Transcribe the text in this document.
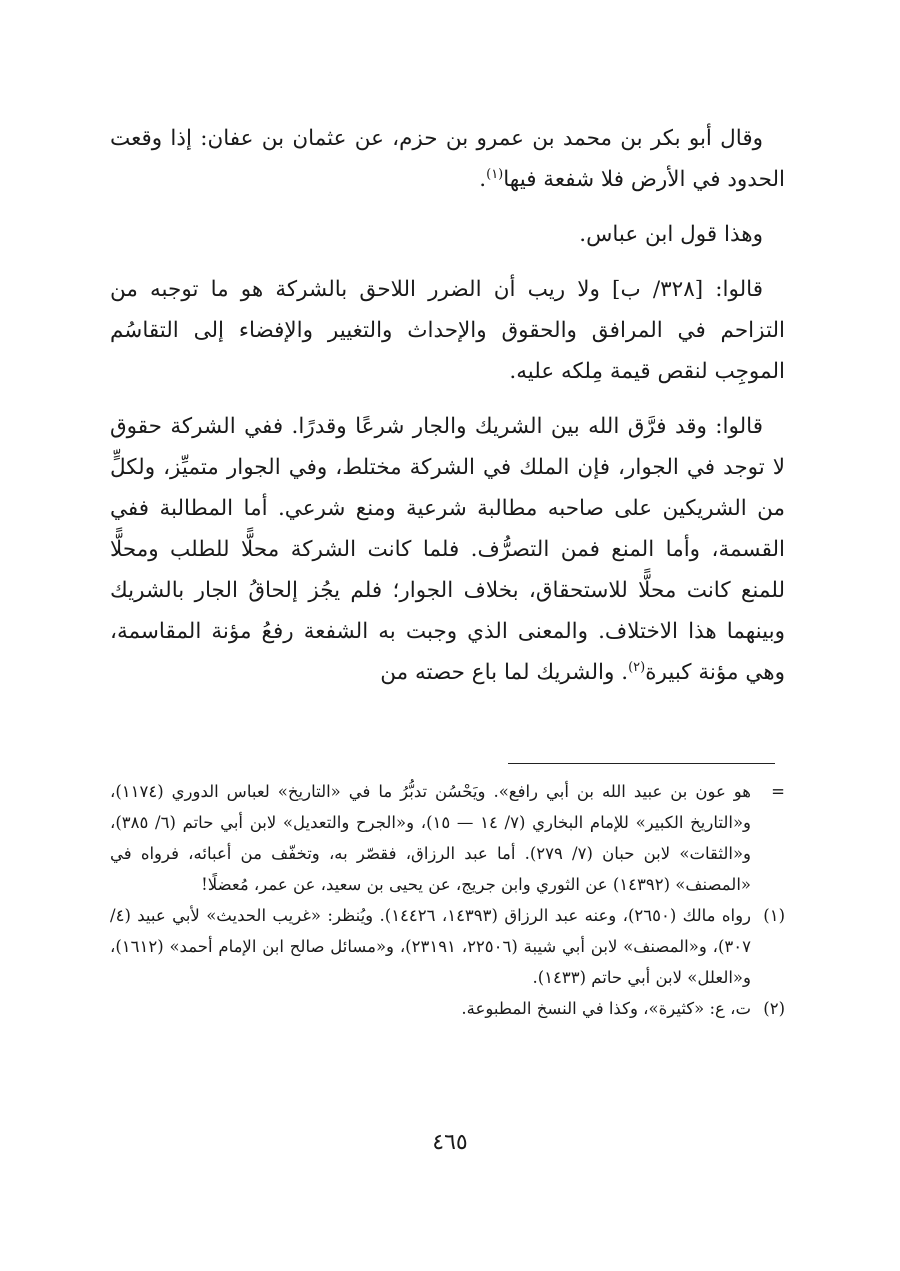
وقال أبو بكر بن محمد بن عمرو بن حزم، عن عثمان بن عفان: إذا وقعت الحدود في الأرض فلا شفعة فيها$^{(١)}$.

وهذا قول ابن عباس.

قالوا: [٣٢٨/ ب] ولا ريب أن الضرر اللاحق بالشركة هو ما توجبه من التزاحم في المرافق والحقوق والإحداث والتغيير والإفضاء إلى التقاسُم الموجِب لنقص قيمة مِلكه عليه.

قالوا: وقد فرَّق الله بين الشريك والجار شرعًا وقدرًا. ففي الشركة حقوق لا توجد في الجوار، فإن الملك في الشركة مختلط، وفي الجوار متميِّز، ولكلٍّ من الشريكين على صاحبه مطالبة شرعية ومنع شرعي. أما المطالبة ففي القسمة، وأما المنع فمن التصرُّف. فلما كانت الشركة محلًّا للطلب ومحلًّا للمنع كانت محلًّا للاستحقاق، بخلاف الجوار؛ فلم يجُز إلحاقُ الجار بالشريك وبينهما هذا الاختلاف. والمعنى الذي وجبت به الشفعة رفعُ مؤنة المقاسمة، وهي مؤنة كبيرة$^{(٢)}$. والشريك لما باع حصته من

=
هو عون بن عبيد الله بن أبي رافع». ويَحْسُن تدبُّرُ ما في «التاريخ» لعباس الدوري (١١٧٤)، و«التاريخ الكبير» للإمام البخاري (٧/ ١٤ — ١٥)، و«الجرح والتعديل» لابن أبي حاتم (٦/ ٣٨٥)، و«الثقات» لابن حبان (٧/ ٢٧٩). أما عبد الرزاق، فقصّر به، وتخفّف من أعبائه، فرواه في «المصنف» (١٤٣٩٢) عن الثوري وابن جريج، عن يحيى بن سعيد، عن عمر، مُعضلًا!
(١)
رواه مالك (٢٦٥٠)، وعنه عبد الرزاق (١٤٣٩٣، ١٤٤٢٦). ويُنظر: «غريب الحديث» لأبي عبيد (٤/ ٣٠٧)، و«المصنف» لابن أبي شيبة (٢٢٥٠٦، ٢٣١٩١)، و«مسائل صالح ابن الإمام أحمد» (١٦١٢)، و«العلل» لابن أبي حاتم (١٤٣٣).
(٢)
ت، ع: «كثيرة»، وكذا في النسخ المطبوعة.
٤٦٥
